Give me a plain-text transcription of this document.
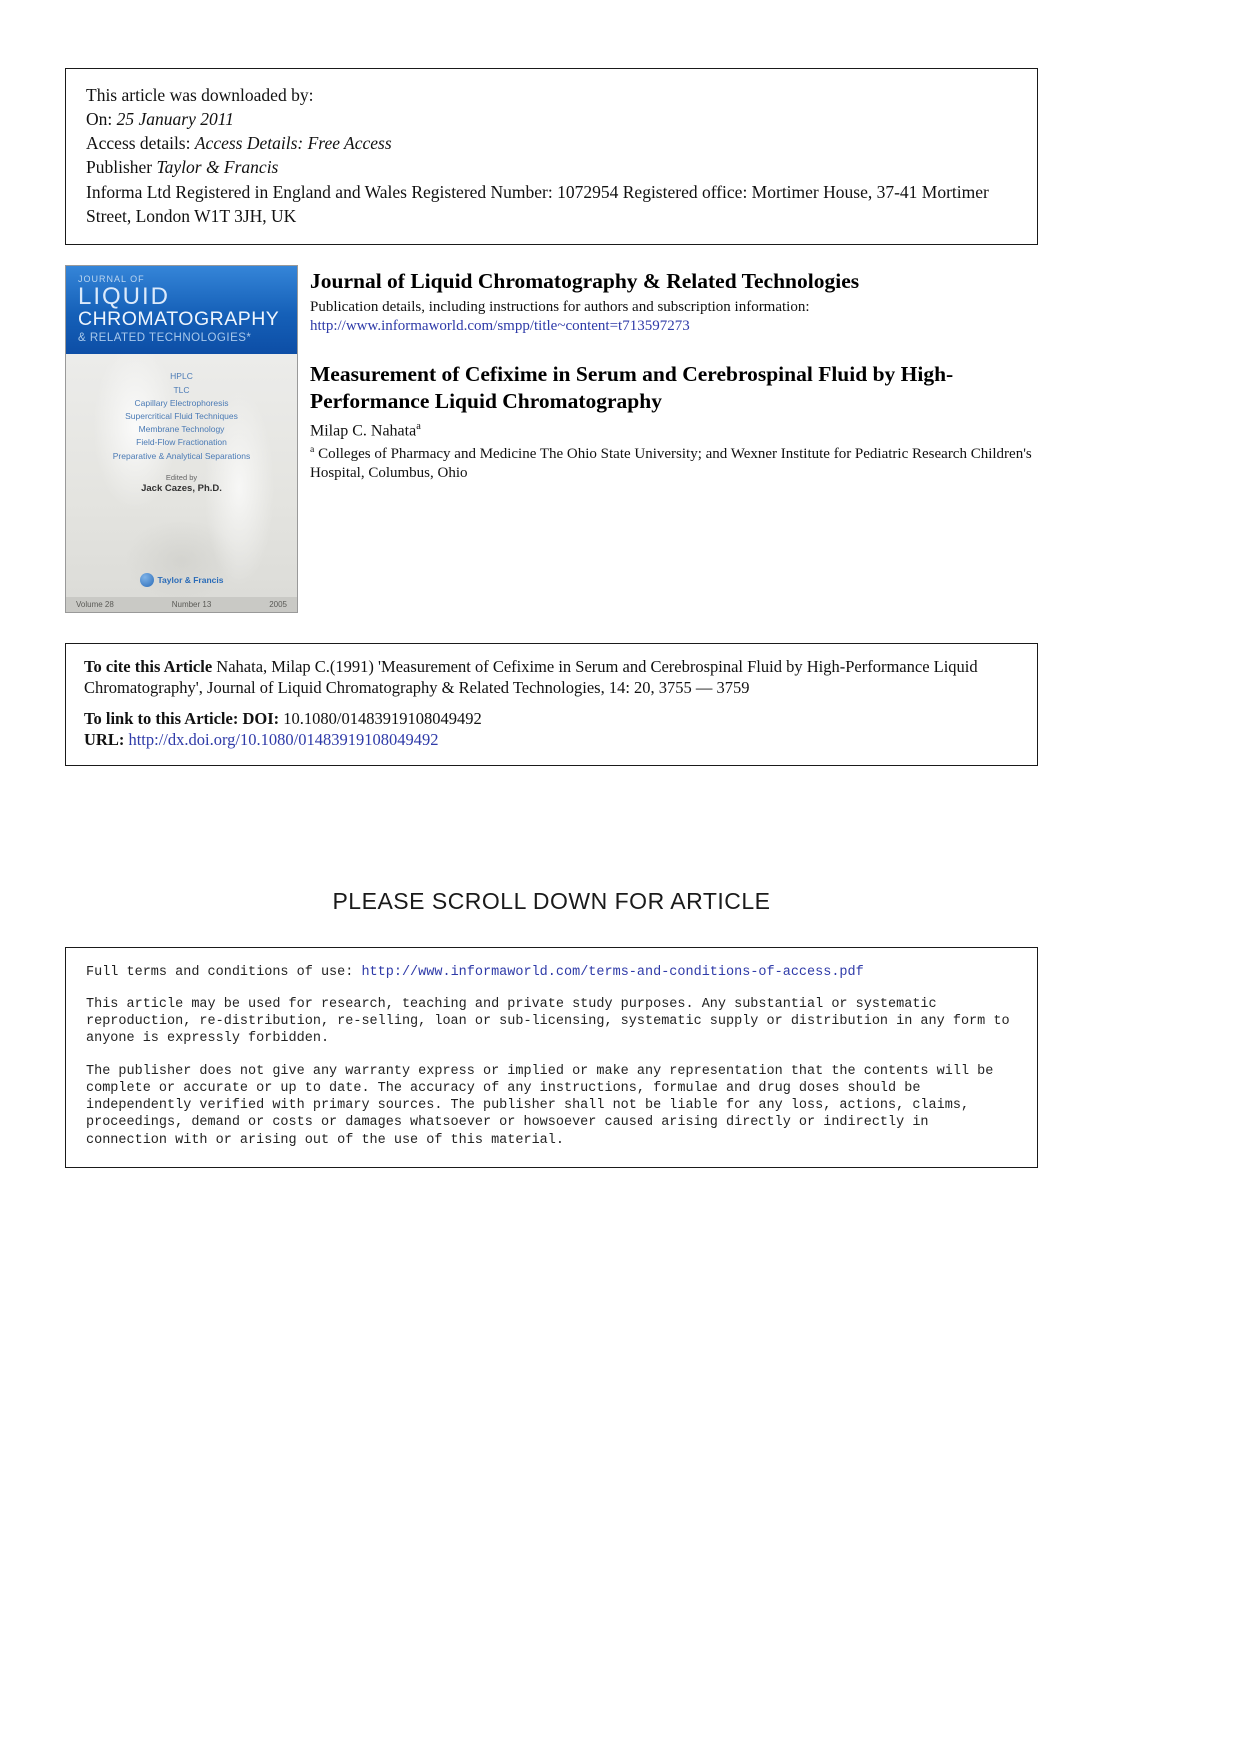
This article was downloaded by:

On: 25 January 2011

Access details: Access Details: Free Access

Publisher Taylor & Francis

Informa Ltd Registered in England and Wales Registered Number: 1072954 Registered office: Mortimer House, 37-41 Mortimer Street, London W1T 3JH, UK

JOURNAL OF
LIQUID
CHROMATOGRAPHY
& RELATED TECHNOLOGIES*
HPLC
TLC
Capillary Electrophoresis
Supercritical Fluid Techniques
Membrane Technology
Field-Flow Fractionation
Preparative & Analytical Separations
Edited by
Jack Cazes, Ph.D.
Taylor & Francis
Volume 28	Number 13	2005
Journal of Liquid Chromatography & Related Technologies
Publication details, including instructions for authors and subscription information:
http://www.informaworld.com/smpp/title~content=t713597273
Measurement of Cefixime in Serum and Cerebrospinal Fluid by High-Performance Liquid Chromatography
Milap C. Nahata$^a$
$^a$ Colleges of Pharmacy and Medicine The Ohio State University; and Wexner Institute for Pediatric Research Children's Hospital, Columbus, Ohio

To cite this Article Nahata, Milap C.(1991) 'Measurement of Cefixime in Serum and Cerebrospinal Fluid by High-Performance Liquid Chromatography', Journal of Liquid Chromatography & Related Technologies, 14: 20, 3755 — 3759

To link to this Article: DOI: 10.1080/01483919108049492

URL: http://dx.doi.org/10.1080/01483919108049492

PLEASE SCROLL DOWN FOR ARTICLE

Full terms and conditions of use: http://www.informaworld.com/terms-and-conditions-of-access.pdf

This article may be used for research, teaching and private study purposes. Any substantial or systematic reproduction, re-distribution, re-selling, loan or sub-licensing, systematic supply or distribution in any form to anyone is expressly forbidden.

The publisher does not give any warranty express or implied or make any representation that the contents will be complete or accurate or up to date. The accuracy of any instructions, formulae and drug doses should be independently verified with primary sources. The publisher shall not be liable for any loss, actions, claims, proceedings, demand or costs or damages whatsoever or howsoever caused arising directly or indirectly in connection with or arising out of the use of this material.
